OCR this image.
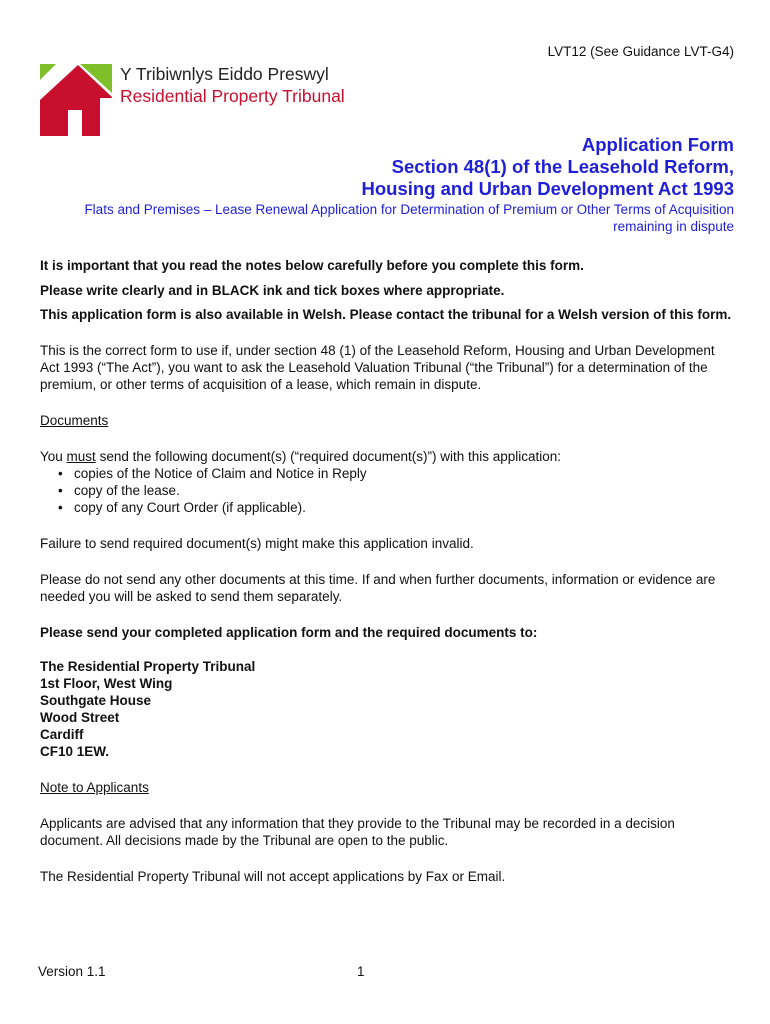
LVT12 (See Guidance LVT-G4)
Y Tribiwnlys Eiddo Preswyl
Residential Property Tribunal
Application Form
Section 48(1) of the Leasehold Reform,
Housing and Urban Development Act 1993
Flats and Premises – Lease Renewal Application for Determination of Premium or Other Terms of Acquisition remaining in dispute

It is important that you read the notes below carefully before you complete this form.

Please write clearly and in BLACK ink and tick boxes where appropriate.

This application form is also available in Welsh. Please contact the tribunal for a Welsh version of this form.

This is the correct form to use if, under section 48 (1) of the Leasehold Reform, Housing and Urban Development Act 1993 (“The Act”), you want to ask the Leasehold Valuation Tribunal (“the Tribunal”) for a determination of the premium, or other terms of acquisition of a lease, which remain in dispute.

Documents

You must send the following document(s) (“required document(s)”) with this application:

• copies of the Notice of Claim and Notice in Reply
• copy of the lease.
• copy of any Court Order (if applicable).

Failure to send required document(s) might make this application invalid.

Please do not send any other documents at this time. If and when further documents, information or evidence are needed you will be asked to send them separately.

Please send your completed application form and the required documents to:

The Residential Property Tribunal
1st Floor, West Wing
Southgate House
Wood Street
Cardiff
CF10 1EW.

Note to Applicants

Applicants are advised that any information that they provide to the Tribunal may be recorded in a decision document. All decisions made by the Tribunal are open to the public.

The Residential Property Tribunal will not accept applications by Fax or Email.

Version 1.1	1
